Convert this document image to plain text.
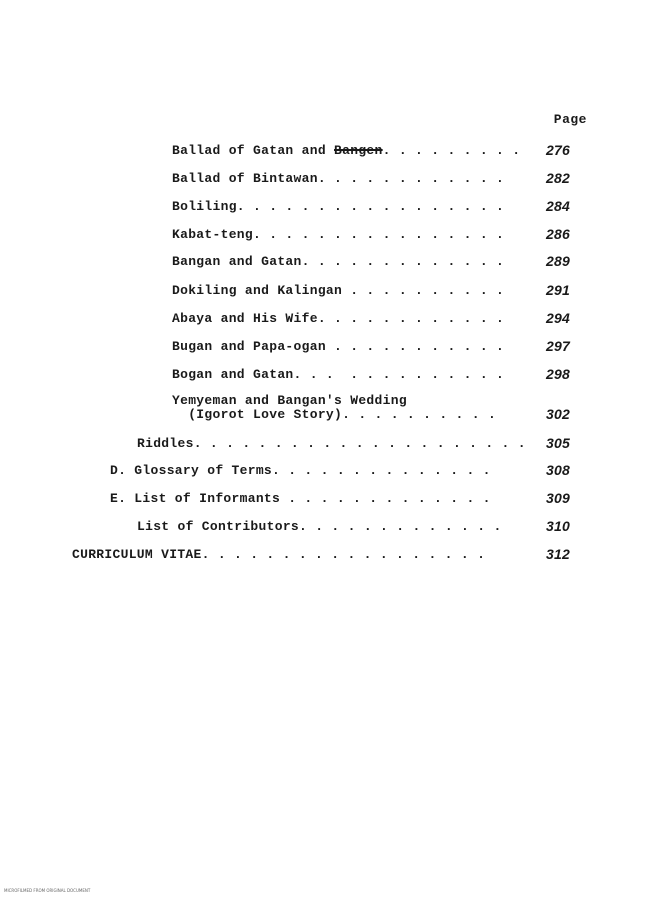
Page
Ballad of Gatan and Bangen. . . . . . . . . 276
Ballad of Bintawan. . . . . . . . . . . .	282
Boliling. . . . . . . . . . . . . . . . .	284
Kabat-teng. . . . . . . . . . . . . . . .	286
Bangan and Gatan. . . . . . . . . . . . .	289
Dokiling and Kalingan . . . . . . . . . .	291
Abaya and His Wife. . . . . . . . . . . .	294
Bugan and Papa-ogan . . . . . . . . . . .	297
Bogan and Gatan. . .  . . . . . . . . . .	298
Yemyeman and Bangan's Wedding
(Igorot Love Story). . . . . . . . . .	302
Riddles. . . . . . . . . . . . . . . . . . . . . 305
D. Glossary of Terms. . . . . . . . . . . . . .	308
E. List of Informants . . . . . . . . . . . . .	309
List of Contributors. . . . . . . . . . . . .	310
CURRICULUM VITAE. . . . . . . . . . . . . . . . . .	312
MICROFILMED FROM ORIGINAL DOCUMENT
